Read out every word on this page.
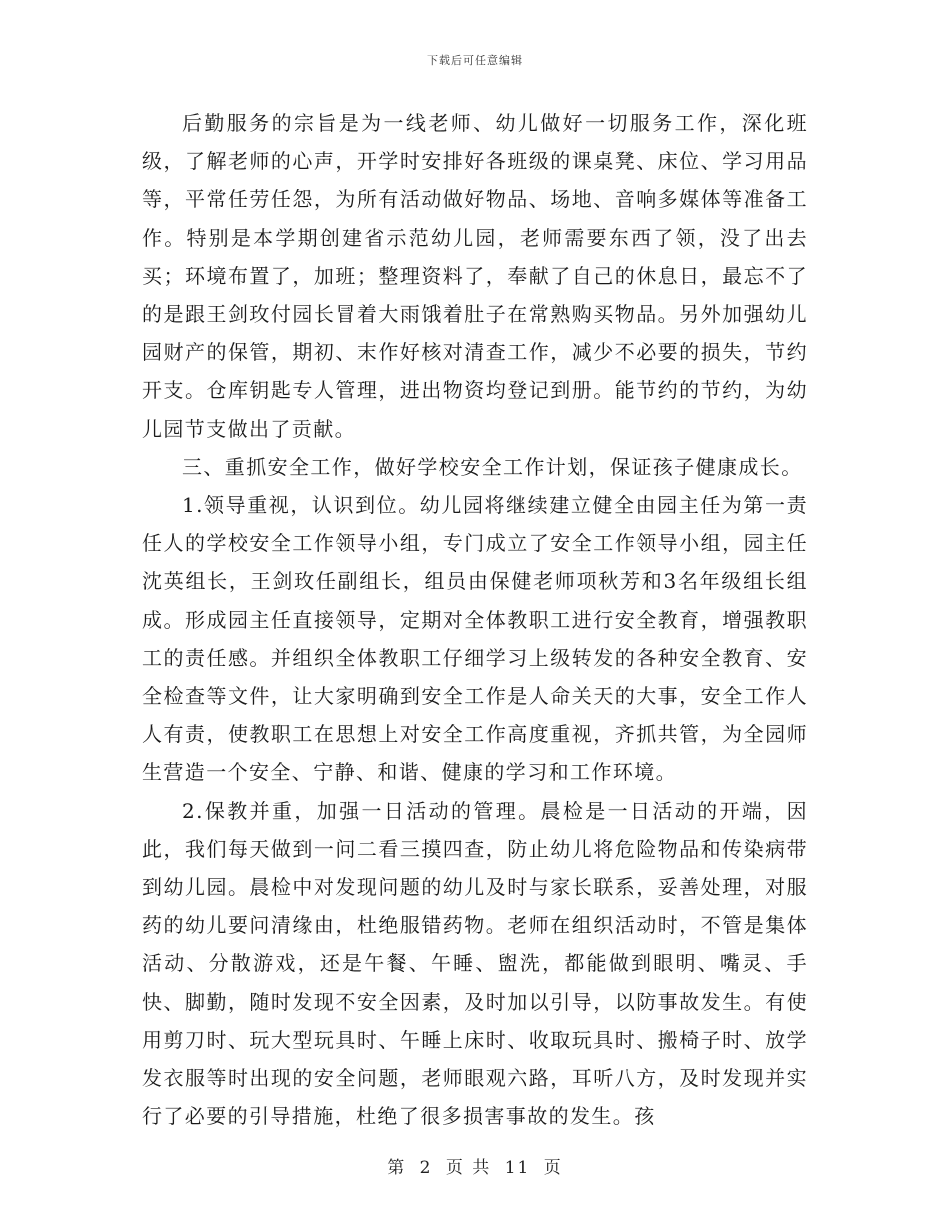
下载后可任意编辑

后勤服务的宗旨是为一线老师、幼儿做好一切服务工作，深化班级，了解老师的心声，开学时安排好各班级的课桌凳、床位、学习用品等，平常任劳任怨，为所有活动做好物品、场地、音响多媒体等准备工作。特别是本学期创建省示范幼儿园，老师需要东西了领，没了出去买；环境布置了，加班；整理资料了，奉献了自己的休息日，最忘不了的是跟王剑玫付园长冒着大雨饿着肚子在常熟购买物品。另外加强幼儿园财产的保管，期初、末作好核对清查工作，减少不必要的损失，节约开支。仓库钥匙专人管理，进出物资均登记到册。能节约的节约，为幼儿园节支做出了贡献。

三、重抓安全工作，做好学校安全工作计划，保证孩子健康成长。

1.领导重视，认识到位。幼儿园将继续建立健全由园主任为第一责任人的学校安全工作领导小组，专门成立了安全工作领导小组，园主任沈英组长，王剑玫任副组长，组员由保健老师项秋芳和3名年级组长组成。形成园主任直接领导，定期对全体教职工进行安全教育，增强教职工的责任感。并组织全体教职工仔细学习上级转发的各种安全教育、安全检查等文件，让大家明确到安全工作是人命关天的大事，安全工作人人有责，使教职工在思想上对安全工作高度重视，齐抓共管，为全园师生营造一个安全、宁静、和谐、健康的学习和工作环境。

2.保教并重，加强一日活动的管理。晨检是一日活动的开端，因此，我们每天做到一问二看三摸四查，防止幼儿将危险物品和传染病带到幼儿园。晨检中对发现问题的幼儿及时与家长联系，妥善处理，对服药的幼儿要问清缘由，杜绝服错药物。老师在组织活动时，不管是集体活动、分散游戏，还是午餐、午睡、盥洗，都能做到眼明、嘴灵、手快、脚勤，随时发现不安全因素，及时加以引导，以防事故发生。有使用剪刀时、玩大型玩具时、午睡上床时、收取玩具时、搬椅子时、放学发衣服等时出现的安全问题，老师眼观六路，耳听八方，及时发现并实行了必要的引导措施，杜绝了很多损害事故的发生。孩

第 2 页 共 11 页
